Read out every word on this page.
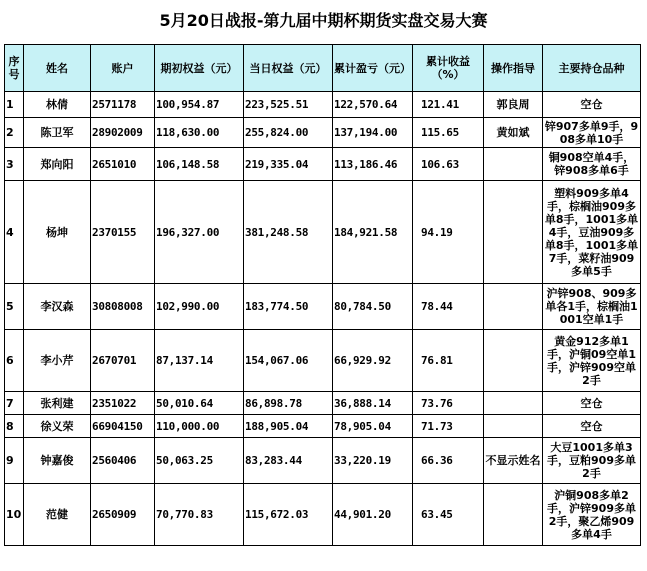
5月20日战报-第九届中期杯期货实盘交易大赛
序号	姓名	账户	期初权益（元）	当日权益（元）	累计盈亏（元）	累计收益（%）	操作指导	主要持仓品种
1	林倩	2571178	100,954.87	223,525.51	122,570.64	121.41	郭良周	空仓
2	陈卫军	28902009	118,630.00	255,824.00	137,194.00	115.65	黄如斌	锌907多单9手，908多单10手
3	郑向阳	2651010	106,148.58	219,335.04	113,186.46	106.63		铜908空单4手，锌908多单6手
4	杨坤	2370155	196,327.00	381,248.58	184,921.58	94.19		塑料909多单4手，棕榈油909多单8手，1001多单4手，豆油909多单8手，1001多单7手，菜籽油909多单5手
5	李汉森	30808008	102,990.00	183,774.50	80,784.50	78.44		沪锌908、909多单各1手，棕榈油1001空单1手
6	李小芹	2670701	87,137.14	154,067.06	66,929.92	76.81		黄金912多单1手，沪铜09空单1手，沪锌909空单2手
7	张利建	2351022	50,010.64	86,898.78	36,888.14	73.76		空仓
8	徐义荣	66904150	110,000.00	188,905.04	78,905.04	71.73		空仓
9	钟嘉俊	2560406	50,063.25	83,283.44	33,220.19	66.36	不显示姓名	大豆1001多单3手，豆粕909多单2手
10	范健	2650909	70,770.83	115,672.03	44,901.20	63.45		沪铜908多单2手，沪锌909多单2手，聚乙烯909多单4手
